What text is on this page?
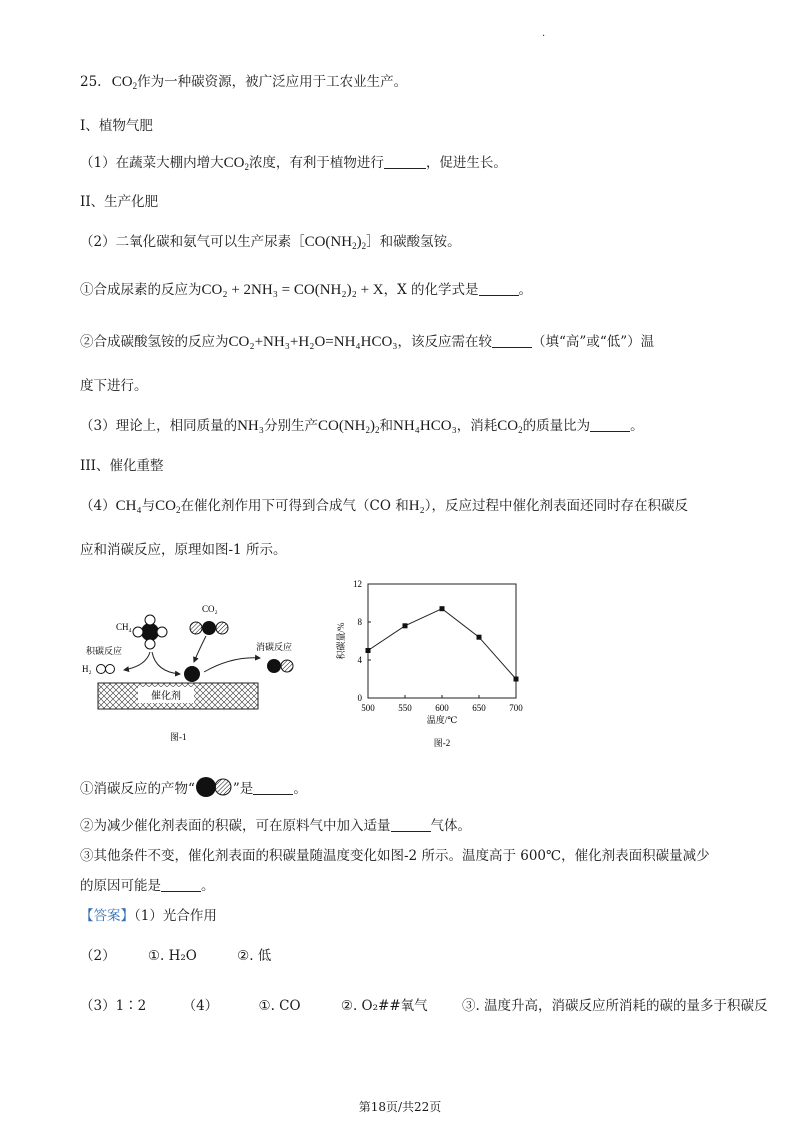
.
25. $CO_2$作为一种碳资源，被广泛应用于工农业生产。
Ⅰ、植物气肥
（1）在蔬菜大棚内增大$CO_2$浓度，有利于植物进行	，促进生长。
II、生产化肥
（2）二氧化碳和氨气可以生产尿素$[CO(NH_2)_2]$和碳酸氢铵。
①合成尿素的反应为CO₂ + 2NH₃ = CO(NH₂)₂ + X，X 的化学式是	。
②合成碳酸氢铵的反应为CO₂+NH₃+H₂O=NH₄HCO₃，该反应需在较	（填“高”或“低”）温
度下进行。
（3）理论上，相同质量的NH₃分别生产$CO(NH_2)_2$和NH₄HCO₃，消耗$CO_2$的质量比为	。
III、催化重整
（4）CH₄与$CO_2$在催化剂作用下可得到合成气（CO 和H₂），反应过程中催化剂表面还同时存在积碳反
应和消碳反应，原理如图-1 所示。
催化剂
CH₄
CO₂
积碳反应
H₂
消碳反应
图-1
500	550	600	650	700
0
4
8
12
温度/℃
积碳量/%
图-2
①消碳反应的产物“	”是	。
②为减少催化剂表面的积碳，可在原料气中加入适量	气体。
③其他条件不变，催化剂表面的积碳量随温度变化如图-2 所示。温度高于 600℃，催化剂表面积碳量减少
的原因可能是	。
【答案】（1）光合作用
（2） ①. H₂O	②. 低
（3）1∶2	（4）	①. CO	②. O₂##氧气	③. 温度升高，消碳反应所消耗的碳的量多于积碳反
第18页/共22页
